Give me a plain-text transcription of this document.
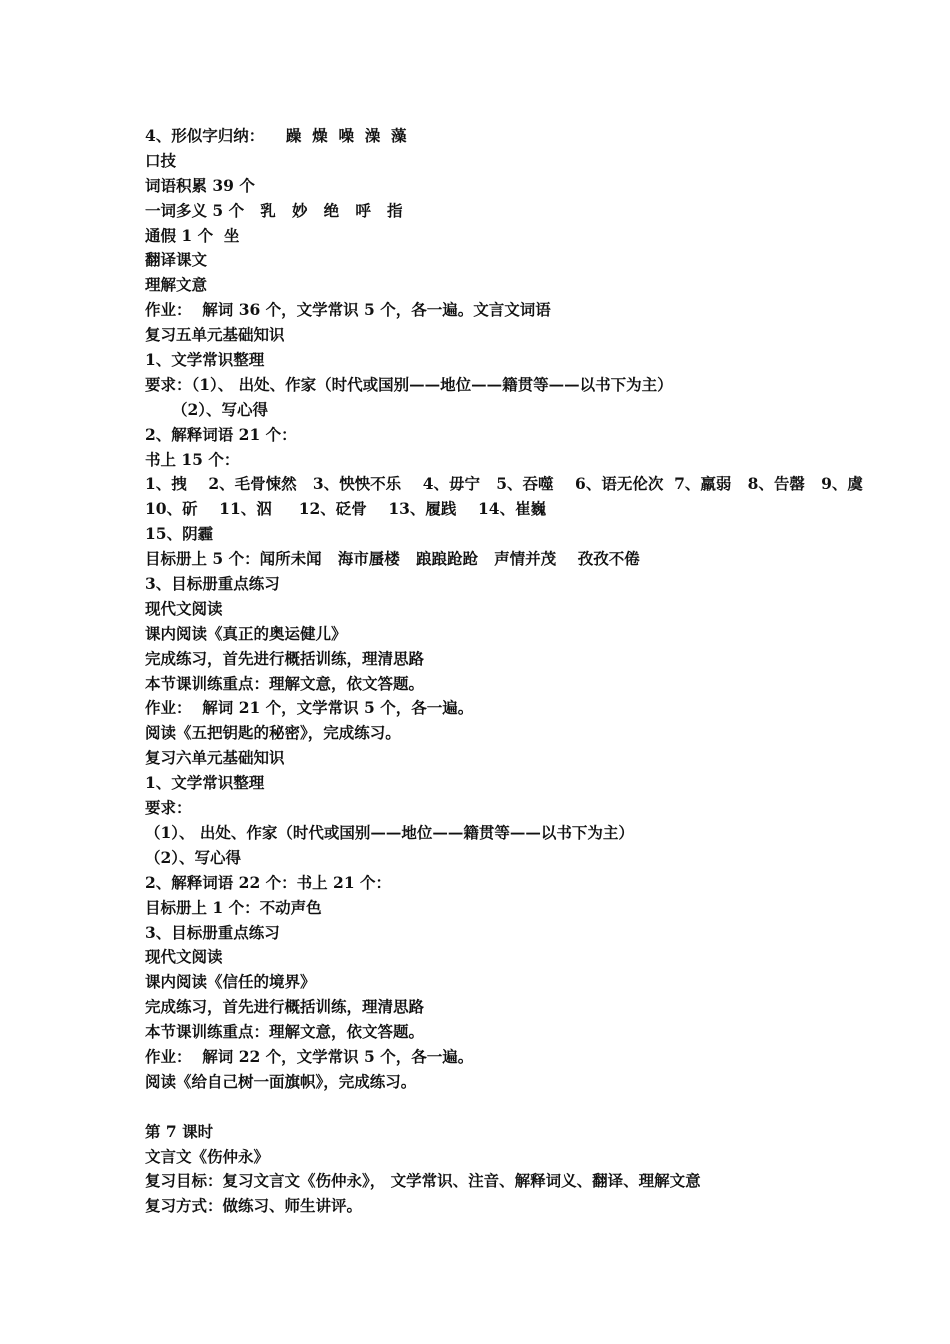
4、形似字归纳：    躁  燥  噪  澡  藻
口技
词语积累 39 个
一词多义 5 个   乳   妙   绝   呼   指
通假 1 个  坐
翻译课文
理解文意
作业：  解词 36 个，文学常识 5 个，各一遍。文言文词语
复习五单元基础知识
1、文学常识整理
要求：（1）、 出处、作家（时代或国别——地位——籍贯等——以书下为主）
（2）、写心得
2、解释词语 21 个：
书上 15 个：
1、拽    2、毛骨悚然   3、怏怏不乐    4、毋宁   5、吞噬    6、语无伦次  7、羸弱   8、告罄   9、虞
10、斫    11、泅     12、砭骨    13、履践    14、崔巍
15、阴霾
目标册上 5 个：闻所未闻   海市蜃楼   踉踉跄跄   声情并茂    孜孜不倦
3、目标册重点练习
现代文阅读
课内阅读《真正的奥运健儿》
完成练习，首先进行概括训练，理清思路
本节课训练重点：理解文意，依文答题。
作业：  解词 21 个，文学常识 5 个，各一遍。
阅读《五把钥匙的秘密》，完成练习。
复习六单元基础知识
1、文学常识整理
要求：
（1）、 出处、作家（时代或国别——地位——籍贯等——以书下为主）
（2）、写心得
2、解释词语 22 个：书上 21 个：
目标册上 1 个：不动声色
3、目标册重点练习
现代文阅读
课内阅读《信任的境界》
完成练习，首先进行概括训练，理清思路
本节课训练重点：理解文意，依文答题。
作业：  解词 22 个，文学常识 5 个，各一遍。
阅读《给自己树一面旗帜》，完成练习。
第 7 课时
文言文《伤仲永》
复习目标：复习文言文《伤仲永》， 文学常识、注音、解释词义、翻译、理解文意
复习方式：做练习、师生讲评。
